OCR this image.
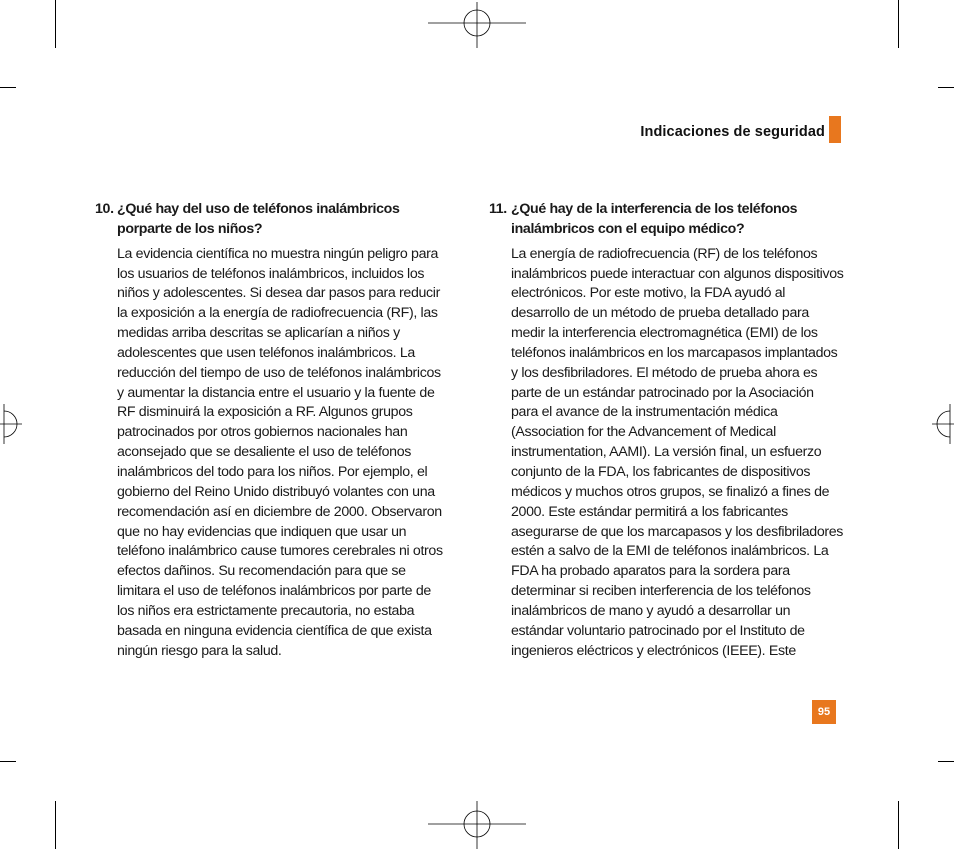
Indicaciones de seguridad
10. ¿Qué hay del uso de teléfonos inalámbricos porparte de los niños?

La evidencia científica no muestra ningún peligro para los usuarios de teléfonos inalámbricos, incluidos los niños y adolescentes. Si desea dar pasos para reducir la exposición a la energía de radiofrecuencia (RF), las medidas arriba descritas se aplicarían a niños y adolescentes que usen teléfonos inalámbricos. La reducción del tiempo de uso de teléfonos inalámbricos y aumentar la distancia entre el usuario y la fuente de RF disminuirá la exposición a RF. Algunos grupos patrocinados por otros gobiernos nacionales han aconsejado que se desaliente el uso de teléfonos inalámbricos del todo para los niños. Por ejemplo, el gobierno del Reino Unido distribuyó volantes con una recomendación así en diciembre de 2000. Observaron que no hay evidencias que indiquen que usar un teléfono inalámbrico cause tumores cerebrales ni otros efectos dañinos. Su recomendación para que se limitara el uso de teléfonos inalámbricos por parte de los niños era estrictamente precautoria, no estaba basada en ninguna evidencia científica de que exista ningún riesgo para la salud.

11. ¿Qué hay de la interferencia de los teléfonos inalámbricos con el equipo médico?

La energía de radiofrecuencia (RF) de los teléfonos inalámbricos puede interactuar con algunos dispositivos electrónicos. Por este motivo, la FDA ayudó al desarrollo de un método de prueba detallado para medir la interferencia electromagnética (EMI) de los teléfonos inalámbricos en los marcapasos implantados y los desfibriladores. El método de prueba ahora es parte de un estándar patrocinado por la Asociación para el avance de la instrumentación médica (Association for the Advancement of Medical instrumentation, AAMI). La versión final, un esfuerzo conjunto de la FDA, los fabricantes de dispositivos médicos y muchos otros grupos, se finalizó a fines de 2000. Este estándar permitirá a los fabricantes asegurarse de que los marcapasos y los desfibriladores estén a salvo de la EMI de teléfonos inalámbricos. La FDA ha probado aparatos para la sordera para determinar si reciben interferencia de los teléfonos inalámbricos de mano y ayudó a desarrollar un estándar voluntario patrocinado por el Instituto de ingenieros eléctricos y electrónicos (IEEE). Este

95
